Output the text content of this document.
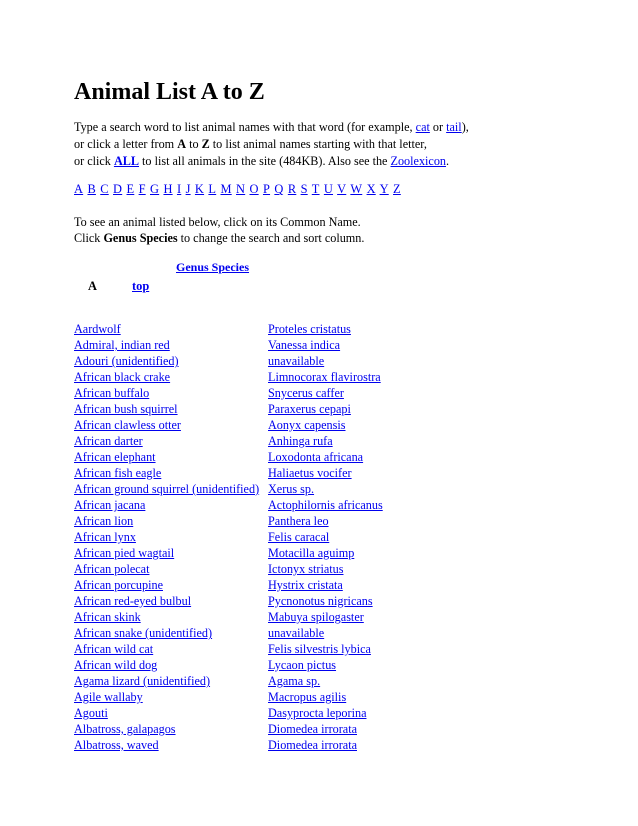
Animal List A to Z
Type a search word to list animal names with that word (for example, cat or tail),
or click a letter from A to Z to list animal names starting with that letter,
or click ALL to list all animals in the site (484KB). Also see the Zoolexicon.
A B C D E F G H I J K L M N O P Q R S T U V W X Y Z
To see an animal listed below, click on its Common Name.
Click Genus Species to change the search and sort column.
Genus Species
A	top
Aardwolf	Proteles cristatus
Admiral, indian red	Vanessa indica
Adouri (unidentified)	unavailable
African black crake	Limnocorax flavirostra
African buffalo	Snycerus caffer
African bush squirrel	Paraxerus cepapi
African clawless otter	Aonyx capensis
African darter	Anhinga rufa
African elephant	Loxodonta africana
African fish eagle	Haliaetus vocifer
African ground squirrel (unidentified)	Xerus sp.
African jacana	Actophilornis africanus
African lion	Panthera leo
African lynx	Felis caracal
African pied wagtail	Motacilla aguimp
African polecat	Ictonyx striatus
African porcupine	Hystrix cristata
African red-eyed bulbul	Pycnonotus nigricans
African skink	Mabuya spilogaster
African snake (unidentified)	unavailable
African wild cat	Felis silvestris lybica
African wild dog	Lycaon pictus
Agama lizard (unidentified)	Agama sp.
Agile wallaby	Macropus agilis
Agouti	Dasyprocta leporina
Albatross, galapagos	Diomedea irrorata
Albatross, waved	Diomedea irrorata
